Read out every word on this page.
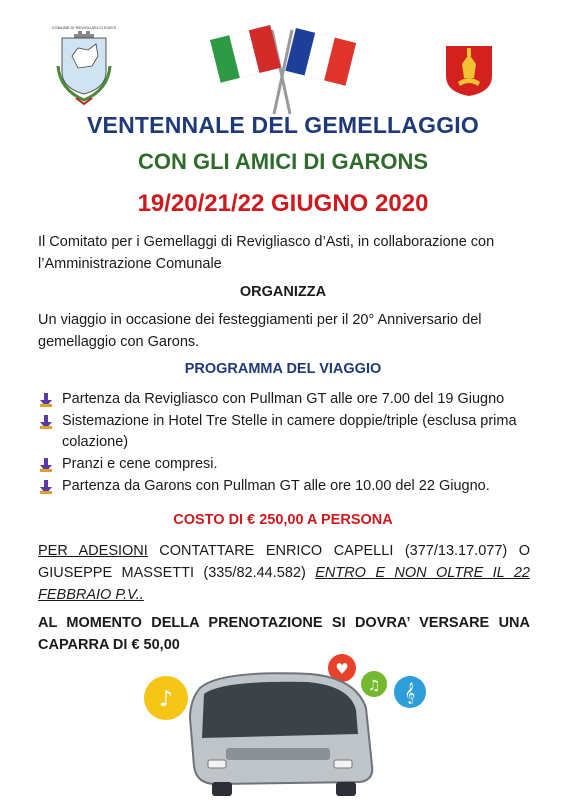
COMUNE DI REVIGLIASCO D'ASTI
VENTENNALE DEL GEMELLAGGIO
CON GLI AMICI DI GARONS
19/20/21/22 GIUGNO 2020
Il Comitato per i Gemellaggi di Revigliasco d’Asti, in collaborazione con l’Amministrazione Comunale
ORGANIZZA
Un viaggio in occasione dei festeggiamenti per il 20° Anniversario del gemellaggio con Garons.
PROGRAMMA DEL VIAGGIO
Partenza da Revigliasco con Pullman GT alle ore 7.00 del 19 Giugno
Sistemazione in Hotel Tre Stelle in camere doppie/triple (esclusa prima colazione)
Pranzi e cene compresi.
Partenza da Garons con Pullman GT alle ore 10.00 del 22 Giugno.
COSTO DI € 250,00 A PERSONA
PER ADESIONI CONTATTARE ENRICO CAPELLI (377/13.17.077) O GIUSEPPE MASSETTI (335/82.44.582) ENTRO E NON OLTRE IL 22 FEBBRAIO P.V..
AL MOMENTO DELLA PRENOTAZIONE SI DOVRA’ VERSARE UNA CAPARRA DI € 50,00
♪
♥
♫ 𝄞
